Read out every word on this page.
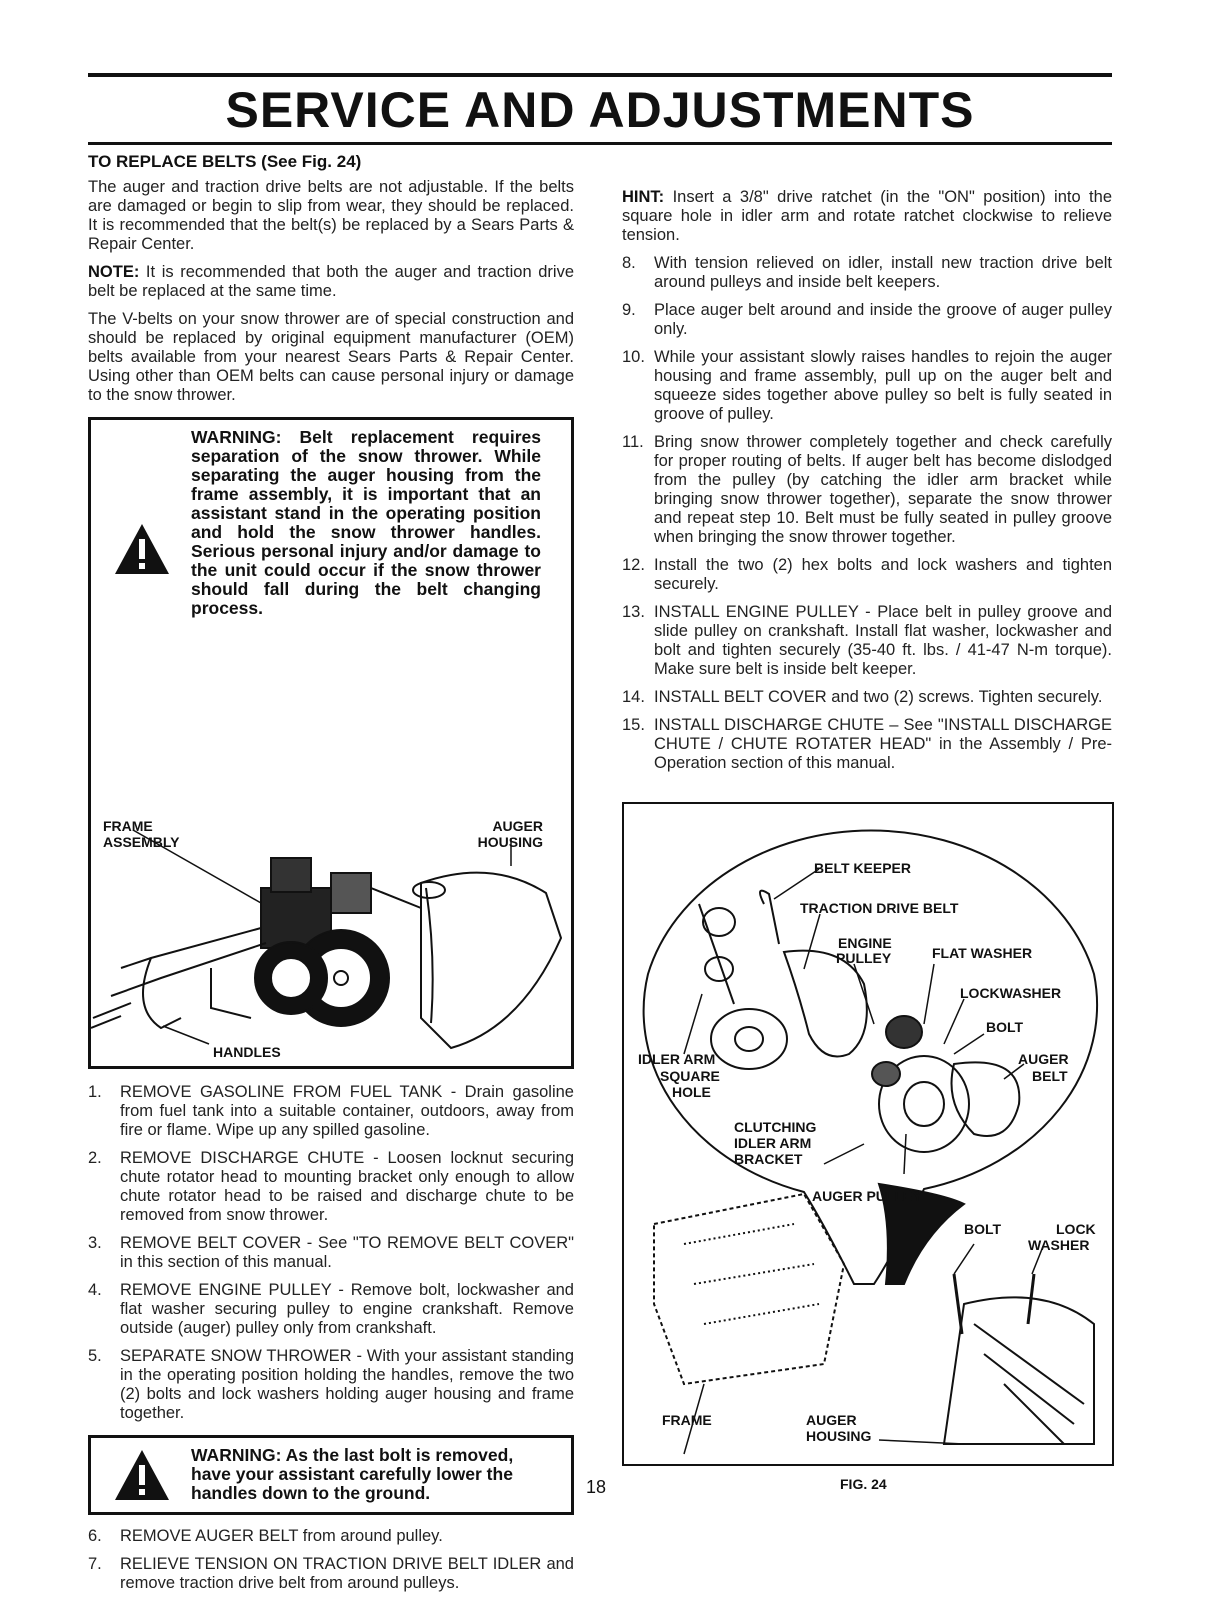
SERVICE AND ADJUSTMENTS
TO REPLACE BELTS (See Fig. 24)

The auger and traction drive belts are not adjustable. If the belts are damaged or begin to slip from wear, they should be replaced. It is recommended that the belt(s) be replaced by a Sears Parts & Repair Center.

NOTE: It is recommended that both the auger and traction drive belt be replaced at the same time.

The V-belts on your snow thrower are of special construction and should be replaced by original equipment manufacturer (OEM) belts available from your nearest Sears Parts & Repair Center. Using other than OEM belts can cause personal injury or damage to the snow thrower.

WARNING: Belt replacement requires separation of the snow thrower. While separating the auger housing from the frame assembly, it is important that an assistant stand in the operating position and hold the snow thrower handles. Serious personal injury and/or damage to the unit could occur if the snow thrower should fall during the belt changing process.
FRAME
ASSEMBLY
AUGER
HOUSING
HANDLES
1. REMOVE GASOLINE FROM FUEL TANK - Drain gasoline from fuel tank into a suitable container, outdoors, away from fire or flame. Wipe up any spilled gasoline.
2. REMOVE DISCHARGE CHUTE - Loosen locknut securing chute rotator head to mounting bracket only enough to allow chute rotator head to be raised and discharge chute to be removed from snow thrower.
3. REMOVE BELT COVER - See "TO REMOVE BELT COVER" in this section of this manual.
4. REMOVE ENGINE PULLEY - Remove bolt, lockwasher and flat washer securing pulley to engine crankshaft. Remove outside (auger) pulley only from crankshaft.
5. SEPARATE SNOW THROWER - With your assistant standing in the operating position holding the handles, remove the two (2) bolts and lock washers holding auger housing and frame together.
WARNING: As the last bolt is removed, have your assistant carefully lower the handles down to the ground.
6. REMOVE AUGER BELT from around pulley.
7. RELIEVE TENSION ON TRACTION DRIVE BELT IDLER and remove traction drive belt from around pulleys.

HINT: Insert a 3/8" drive ratchet (in the "ON" position) into the square hole in idler arm and rotate ratchet clockwise to relieve tension.

8. With tension relieved on idler, install new traction drive belt around pulleys and inside belt keepers.
9. Place auger belt around and inside the groove of auger pulley only.
10. While your assistant slowly raises handles to rejoin the auger housing and frame assembly, pull up on the auger belt and squeeze sides together above pulley so belt is fully seated in groove of pulley.
11. Bring snow thrower completely together and check carefully for proper routing of belts. If auger belt has become dislodged from the pulley (by catching the idler arm bracket while bringing snow thrower together), separate the snow thrower and repeat step 10. Belt must be fully seated in pulley groove when bringing the snow thrower together.
12. Install the two (2) hex bolts and lock washers and tighten securely.
13. INSTALL ENGINE PULLEY - Place belt in pulley groove and slide pulley on crankshaft. Install flat washer, lockwasher and bolt and tighten securely (35-40 ft. lbs. / 41-47 N-m torque). Make sure belt is inside belt keeper.
14. INSTALL BELT COVER and two (2) screws. Tighten securely.
15. INSTALL DISCHARGE CHUTE – See "INSTALL DISCHARGE CHUTE / CHUTE ROTATER HEAD" in the Assembly / Pre-Operation section of this manual.
BELT KEEPER
TRACTION DRIVE BELT
ENGINE
PULLEY	FLAT WASHER
LOCKWASHER
BOLT
IDLER ARM
SQUARE
HOLE
AUGER
BELT
CLUTCHING
IDLER ARM
BRACKET
AUGER PULLEY
BOLT	LOCK
WASHER
FRAME	AUGER
HOUSING
18	FIG. 24
